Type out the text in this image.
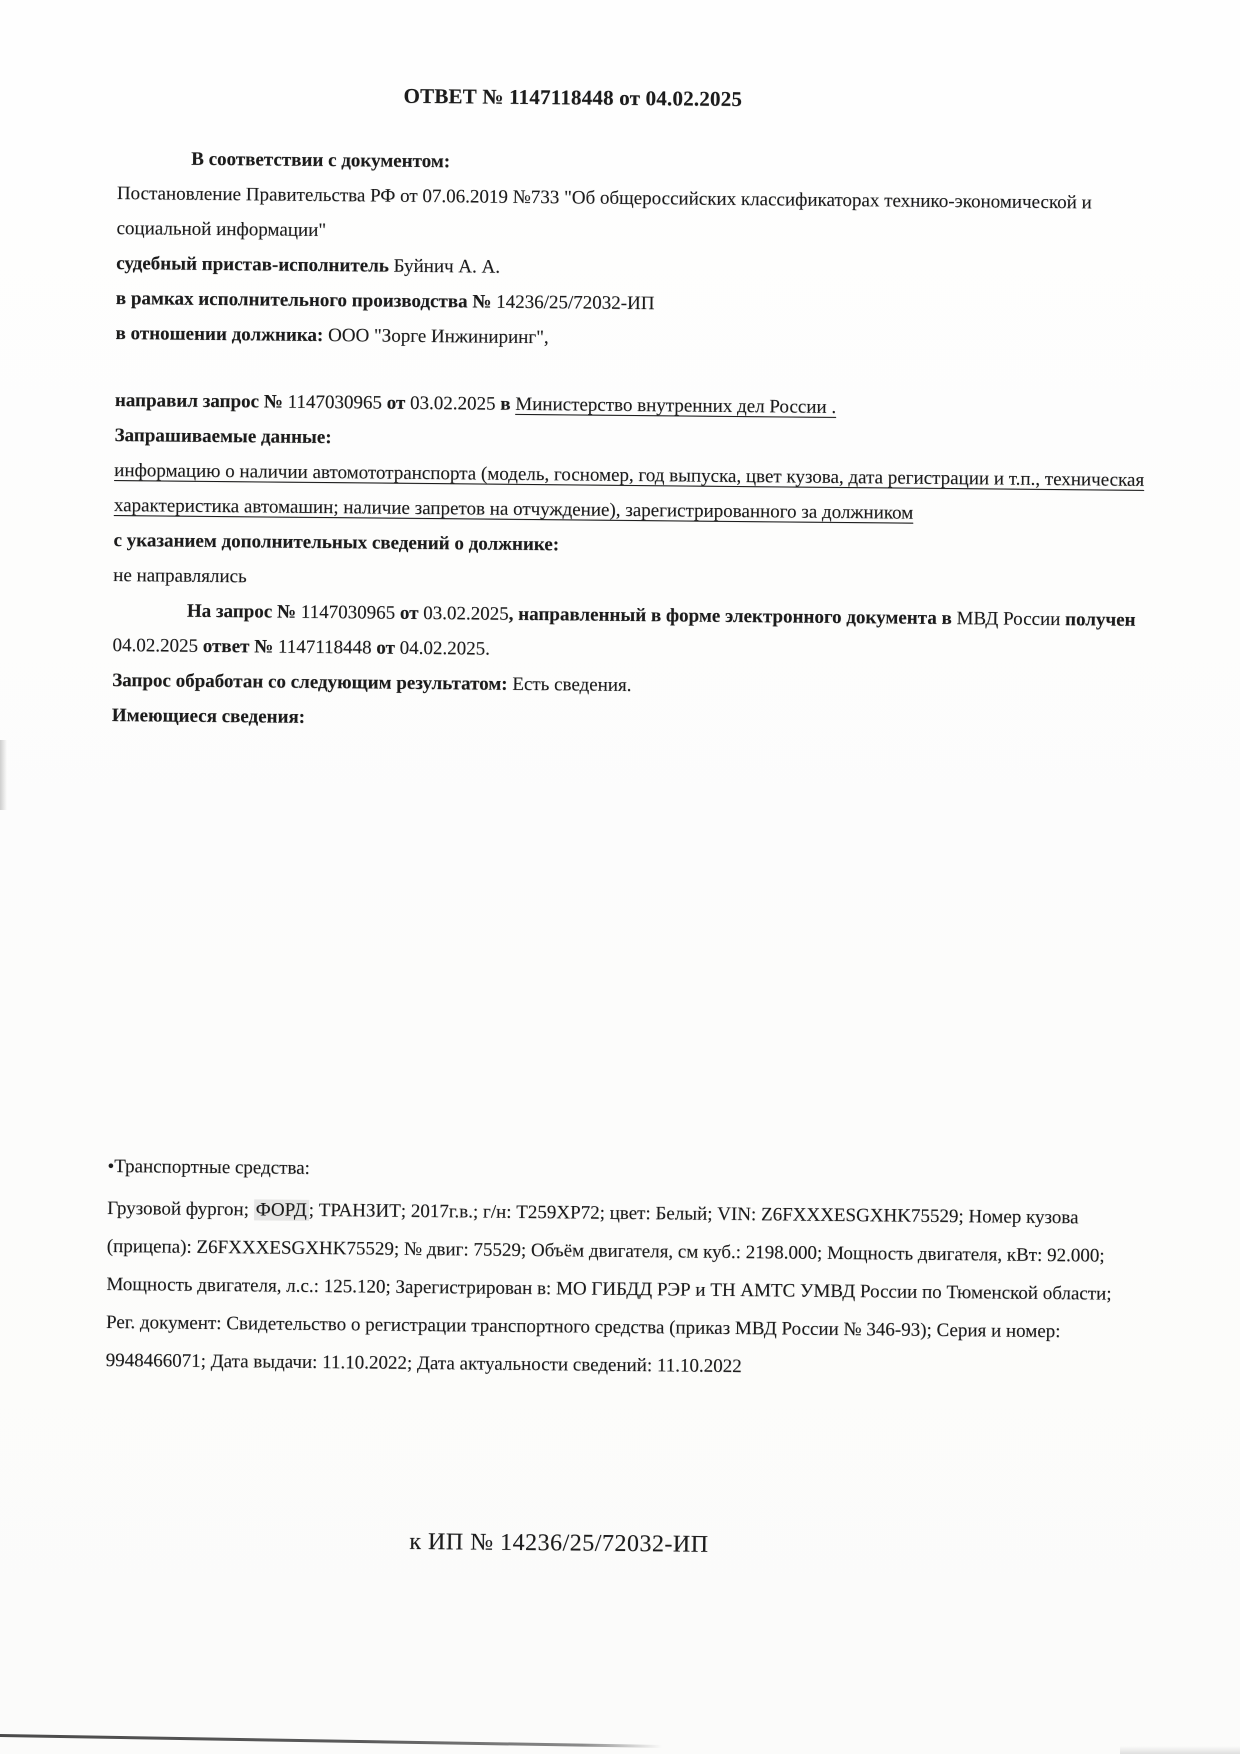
ОТВЕТ № 1147118448 от 04.02.2025

В соответствии с документом:

Постановление Правительства РФ от 07.06.2019 №733 "Об общероссийских классификаторах технико-экономической и социальной информации"

судебный пристав-исполнитель Буйнич А. А.

в рамках исполнительного производства № 14236/25/72032-ИП

в отношении должника: ООО "Зорге Инжиниринг",

направил запрос № 1147030965 от 03.02.2025 в Министерство внутренних дел России .

Запрашиваемые данные:

информацию о наличии автомототранспорта (модель, госномер, год выпуска, цвет кузова, дата регистрации и т.п., техническая характеристика автомашин; наличие запретов на отчуждение), зарегистрированного за должником

с указанием дополнительных сведений о должнике:

не направлялись

На запрос № 1147030965 от 03.02.2025, направленный в форме электронного документа в МВД России получен 04.02.2025 ответ № 1147118448 от 04.02.2025.

Запрос обработан со следующим результатом: Есть сведения.

Имеющиеся сведения:

•Транспортные средства:

Грузовой фургон; ФОРД; ТРАНЗИТ; 2017г.в.; г/н: Т259ХР72; цвет: Белый; VIN: Z6FXXXESGXHK75529; Номер кузова (прицепа): Z6FXXXESGXHK75529; № двиг: 75529; Объём двигателя, см куб.: 2198.000; Мощность двигателя, кВт: 92.000; Мощность двигателя, л.с.: 125.120; Зарегистрирован в: МО ГИБДД РЭР и ТН АМТС УМВД России по Тюменской области; Рег. документ: Свидетельство о регистрации транспортного средства (приказ МВД России № 346-93); Серия и номер: 9948466071; Дата выдачи: 11.10.2022; Дата актуальности сведений: 11.10.2022

к ИП № 14236/25/72032-ИП
